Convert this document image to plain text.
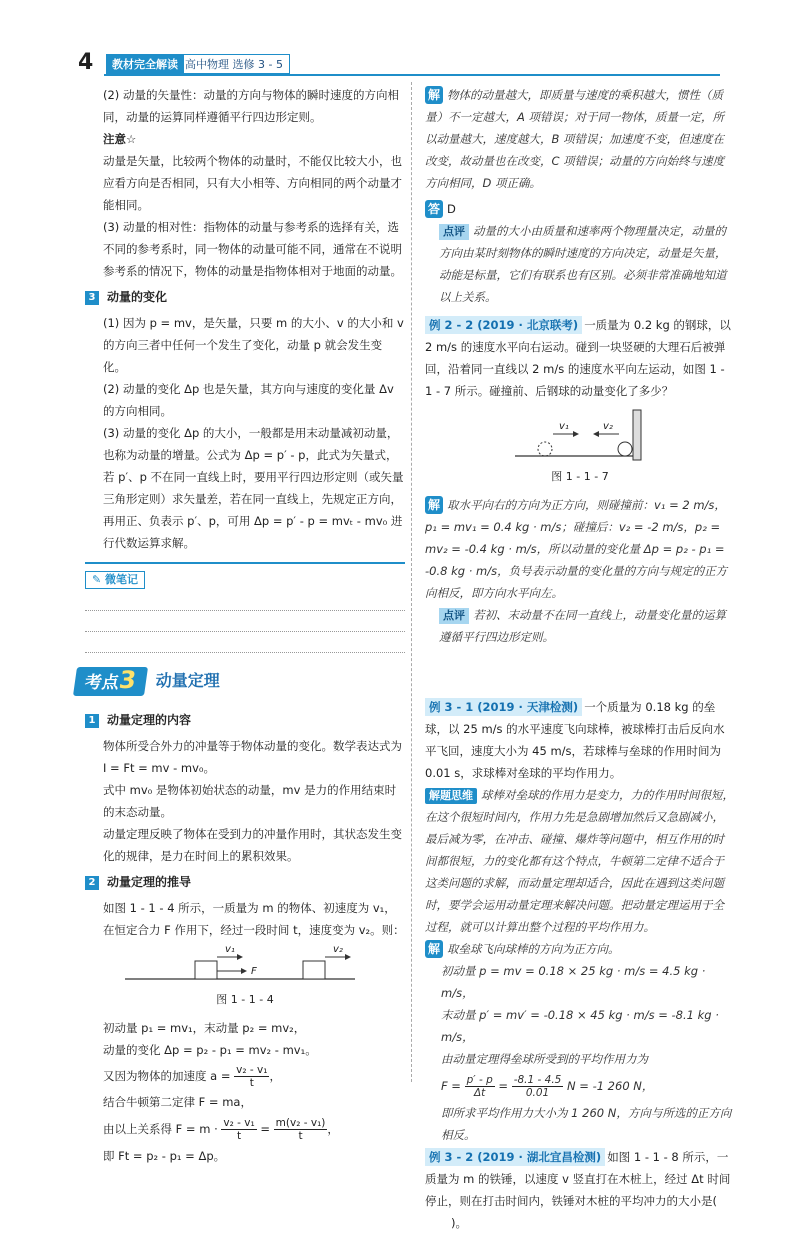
4	教材完全解读 高中物理 选修 3 - 5

(2) 动量的矢量性：动量的方向与物体的瞬时速度的方向相同，动量的运算同样遵循平行四边形定则。

注意☆

动量是矢量，比较两个物体的动量时，不能仅比较大小，也应看方向是否相同，只有大小相等、方向相同的两个动量才能相同。

(3) 动量的相对性：指物体的动量与参考系的选择有关，选不同的参考系时，同一物体的动量可能不同，通常在不说明参考系的情况下，物体的动量是指物体相对于地面的动量。

3 动量的变化

(1) 因为 p = mv，是矢量，只要 m 的大小、v 的大小和 v 的方向三者中任何一个发生了变化，动量 p 就会发生变化。

(2) 动量的变化 Δp 也是矢量，其方向与速度的变化量 Δv 的方向相同。

(3) 动量的变化 Δp 的大小，一般都是用末动量减初动量，也称为动量的增量。公式为 Δp = p′ - p，此式为矢量式，若 p′、p 不在同一直线上时，要用平行四边形定则（或矢量三角形定则）求矢量差，若在同一直线上，先规定正方向，再用正、负表示 p′、p，可用 Δp = p′ - p = mvₜ - mv₀ 进行代数运算求解。

✎ 微笔记
考点3 动量定理

1 动量定理的内容

物体所受合外力的冲量等于物体动量的变化。数学表达式为 I = Ft = mv - mv₀。

式中 mv₀ 是物体初始状态的动量，mv 是力的作用结束时的末态动量。

动量定理反映了物体在受到力的冲量作用时，其状态发生变化的规律，是力在时间上的累积效果。

2 动量定理的推导

如图 1 - 1 - 4 所示，一质量为 m 的物体、初速度为 v₁，在恒定合力 F 作用下，经过一段时间 t，速度变为 v₂。则：

v₁
F
v₂
图 1 - 1 - 4

初动量 p₁ = mv₁，末动量 p₂ = mv₂，

动量的变化 Δp = p₂ - p₁ = mv₂ - mv₁。

又因为物体的加速度 $a = \frac{\text{v₂ - v₁}}{t}$ ，

结合牛顿第二定律 F = ma，

由以上关系得 $F = m \cdot \frac{\text{v₂ - v₁}}{t} = \frac{\text{m(v₂ - v₁)}}{t}$ ，

即 Ft = p₂ - p₁ = Δp。

解 物体的动量越大，即质量与速度的乘积越大，惯性（质量）不一定越大，A 项错误；对于同一物体，质量一定，所以动量越大，速度越大，B 项错误；加速度不变，但速度在改变，故动量也在改变，C 项错误；动量的方向始终与速度方向相同，D 项正确。

答 D

点评 动量的大小由质量和速率两个物理量决定，动量的方向由某时刻物体的瞬时速度的方向决定，动量是矢量，动能是标量，它们有联系也有区别。必须非常准确地知道以上关系。

例 2 - 2 (2019 · 北京联考) 一质量为 0.2 kg 的钢球，以 2 m/s 的速度水平向右运动。碰到一块竖硬的大理石后被弹回，沿着同一直线以 2 m/s 的速度水平向左运动，如图 1 - 1 - 7 所示。碰撞前、后钢球的动量变化了多少？

v₁	v₂
图 1 - 1 - 7

解 取水平向右的方向为正方向，则碰撞前：v₁ = 2 m/s，p₁ = mv₁ = 0.4 kg · m/s；碰撞后：v₂ = -2 m/s，p₂ = mv₂ = -0.4 kg · m/s，所以动量的变化量 Δp = p₂ - p₁ = -0.8 kg · m/s，负号表示动量的变化量的方向与规定的正方向相反，即方向水平向左。

点评 若初、末动量不在同一直线上，动量变化量的运算遵循平行四边形定则。

例 3 - 1 (2019 · 天津检测) 一个质量为 0.18 kg 的垒球，以 25 m/s 的水平速度飞向球棒，被球棒打击后反向水平飞回，速度大小为 45 m/s，若球棒与垒球的作用时间为 0.01 s，求球棒对垒球的平均作用力。

解题思维 球棒对垒球的作用力是变力，力的作用时间很短，在这个很短时间内，作用力先是急剧增加然后又急剧减小，最后减为零，在冲击、碰撞、爆炸等问题中，相互作用的时间都很短，力的变化都有这个特点，牛顿第二定律不适合于这类问题的求解，而动量定理却适合，因此在遇到这类问题时，要学会运用动量定理来解决问题。把动量定理运用于全过程，就可以计算出整个过程的平均作用力。

解 取垒球飞向球棒的方向为正方向。

初动量 p = mv = 0.18 × 25 kg · m/s = 4.5 kg · m/s，

末动量 p′ = mv′ = -0.18 × 45 kg · m/s = -8.1 kg · m/s，

由动量定理得垒球所受到的平均作用力为

$F = \frac{p' - p}{\Delta t} = \frac{-8.1 - 4.5}{0.01}$ N = -1 260 N，

即所求平均作用力大小为 1 260 N，方向与所选的正方向相反。

例 3 - 2 (2019 · 湖北宜昌检测) 如图 1 - 1 - 8 所示，一质量为 m 的铁锤，以速度 v 竖直打在木桩上，经过 Δt 时间停止，则在打击时间内，铁锤对木桩的平均冲力的大小是()。
